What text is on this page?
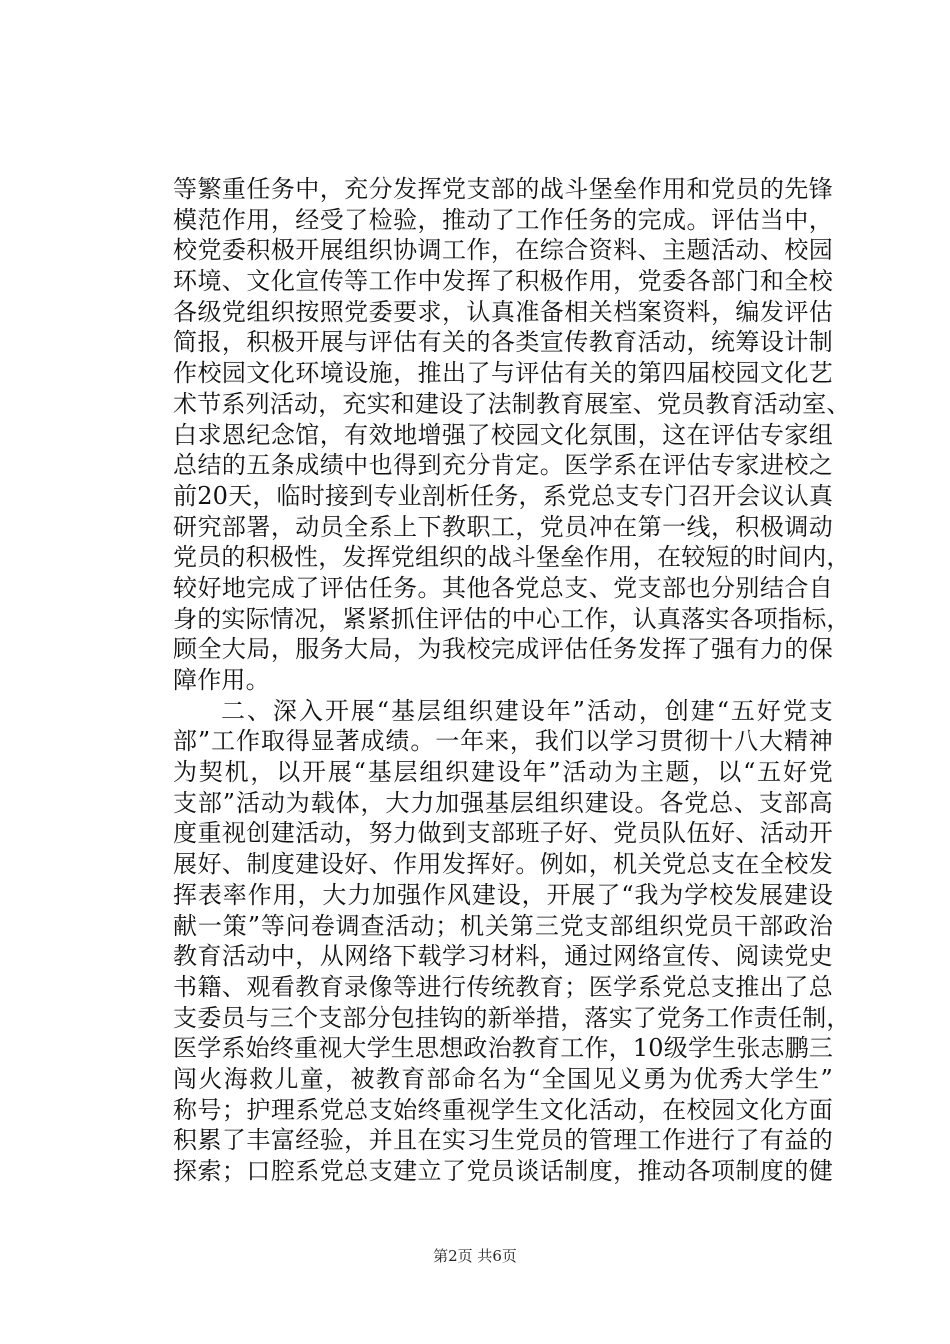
等繁重任务中，充分发挥党支部的战斗堡垒作用和党员的先锋
模范作用，经受了检验，推动了工作任务的完成。评估当中，
校党委积极开展组织协调工作，在综合资料、主题活动、校园
环境、文化宣传等工作中发挥了积极作用，党委各部门和全校
各级党组织按照党委要求，认真准备相关档案资料，编发评估
简报，积极开展与评估有关的各类宣传教育活动，统筹设计制
作校园文化环境设施，推出了与评估有关的第四届校园文化艺
术节系列活动，充实和建设了法制教育展室、党员教育活动室、
白求恩纪念馆，有效地增强了校园文化氛围，这在评估专家组
总结的五条成绩中也得到充分肯定。医学系在评估专家进校之
前20天，临时接到专业剖析任务，系党总支专门召开会议认真
研究部署，动员全系上下教职工，党员冲在第一线，积极调动
党员的积极性，发挥党组织的战斗堡垒作用，在较短的时间内，
较好地完成了评估任务。其他各党总支、党支部也分别结合自
身的实际情况，紧紧抓住评估的中心工作，认真落实各项指标，
顾全大局，服务大局，为我校完成评估任务发挥了强有力的保
障作用。
二、深入开展“基层组织建设年”活动，创建“五好党支
部”工作取得显著成绩。一年来，我们以学习贯彻十八大精神
为契机，以开展“基层组织建设年”活动为主题，以“五好党
支部”活动为载体，大力加强基层组织建设。各党总、支部高
度重视创建活动，努力做到支部班子好、党员队伍好、活动开
展好、制度建设好、作用发挥好。例如，机关党总支在全校发
挥表率作用，大力加强作风建设，开展了“我为学校发展建设
献一策”等问卷调查活动；机关第三党支部组织党员干部政治
教育活动中，从网络下载学习材料，通过网络宣传、阅读党史
书籍、观看教育录像等进行传统教育；医学系党总支推出了总
支委员与三个支部分包挂钩的新举措，落实了党务工作责任制，
医学系始终重视大学生思想政治教育工作，10级学生张志鹏三
闯火海救儿童，被教育部命名为“全国见义勇为优秀大学生”
称号；护理系党总支始终重视学生文化活动，在校园文化方面
积累了丰富经验，并且在实习生党员的管理工作进行了有益的
探索；口腔系党总支建立了党员谈话制度，推动各项制度的健
第2页 共6页
